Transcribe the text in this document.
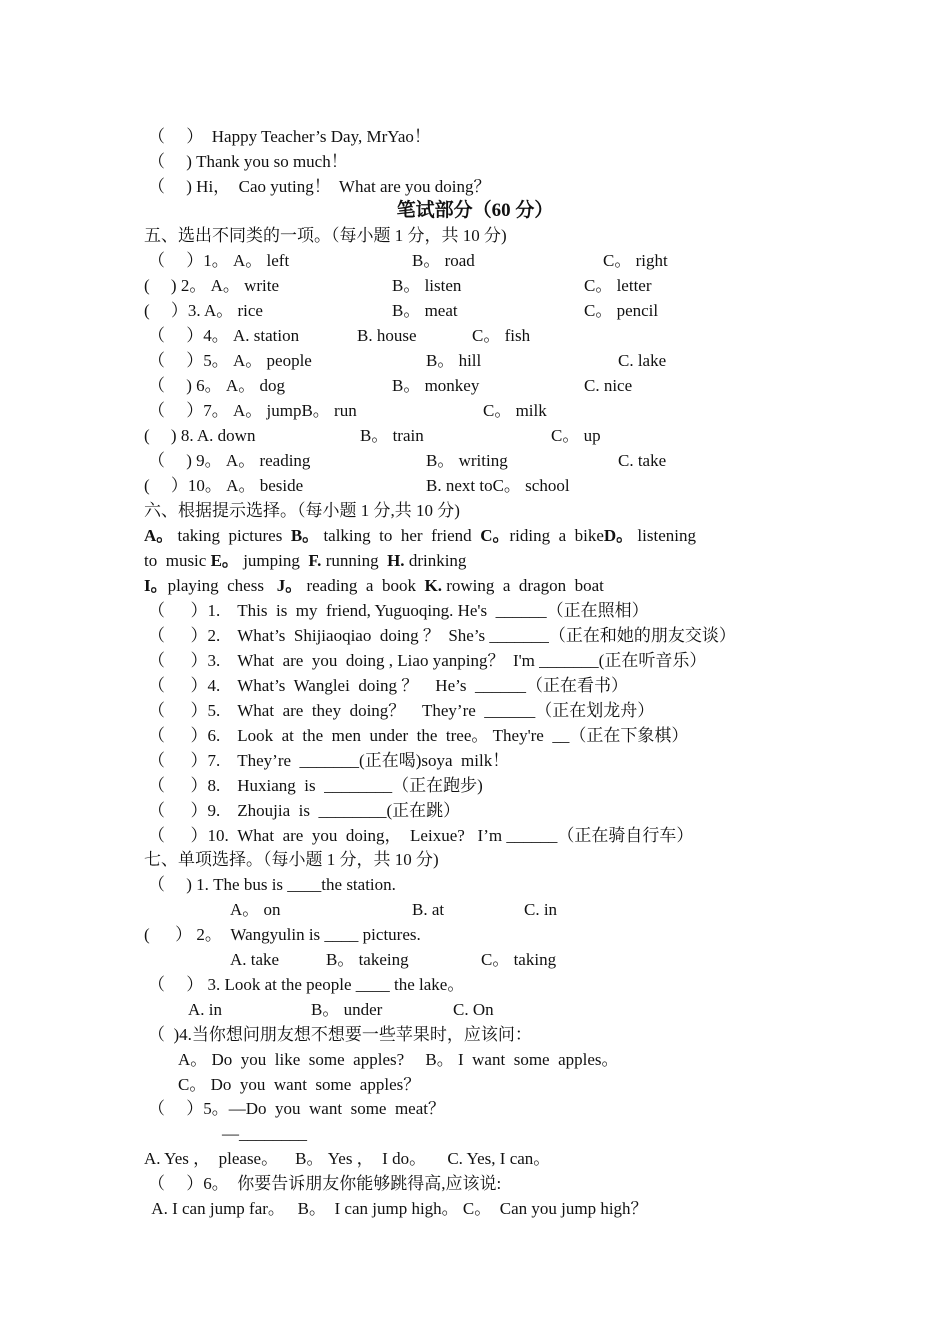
（     ）  Happy Teacher’s Day, MrYao！
（     ) Thank you so much！
（     ) Hi，  Cao yuting！  What are you doing？
笔试部分（60 分）
五、选出不同类的一项。（每小题 1 分，共 10 分)
（     ）1。 A。 left	B。 road	C。 right
(     ) 2。 A。 write	B。 listen	C。 letter
(     ）3. A。 rice	B。 meat	C。 pencil
（     ）4。 A. station	B. house	C。 fish
（     ）5。 A。 people	B。 hill	C. lake
（     ) 6。 A。 dog	B。 monkey	C. nice
（     ）7。 A。 jumpB。 run	C。 milk
(     ) 8. A. down	B。 train	C。 up
（     ) 9。 A。 reading	B。 writing	C. take
(     ）10。 A。 beside	B. next toC。 school
六、根据提示选择。（每小题 1 分,共 10 分)
A。 taking  pictures  B。 talking  to  her  friend  C。riding  a  bikeD。 listening
to  music E。 jumping  F. running  H. drinking
I。playing  chess   J。 reading  a  book  K. rowing  a  dragon  boat
（      ）1.    This  is  my  friend, Yuguoqing. He's  ______（正在照相）
（      ）2.    What’s  Shijiaoqiao  doing ？  She’s _______（正在和她的朋友交谈）
（      ）3.    What  are  you  doing , Liao yanping？  I'm _______(正在听音乐）
（      ）4.    What’s  Wanglei  doing ？    He’s  ______（正在看书）
（      ）5.    What  are  they  doing？    They’re  ______（正在划龙舟）
（      ）6.    Look  at  the  men  under  the  tree。 They're  __（正在下象棋）
（      ）7.    They’re  _______(正在喝)soya  milk！
（      ）8.    Huxiang  is  ________（正在跑步)
（      ）9.    Zhoujia  is  ________(正在跳）
（      ）10.  What  are  you  doing，  Leixue?   I’m ______（正在骑自行车）
七、单项选择。（每小题 1 分，共 10 分)
（     ) 1. The bus is ____the station.
A。 on	B. at	C. in
(      ） 2。  Wangyulin is ____ pictures.
A. take	B。 takeing	C。 taking
（     ） 3. Look at the people ____ the lake。
A. in	B。 under	C. On
（  )4.当你想问朋友想不想要一些苹果时，应该问：
A。 Do  you  like  some  apples?     B。 I  want  some  apples。
C。 Do  you  want  some  apples？
（     ）5。—Do  you  want  some  meat？
—________
A. Yes ，  please。    B。 Yes ，  I do。     C. Yes, I can。
（     ）6。  你要告诉朋友你能够跳得高,应该说:
A. I can jump far。   B。  I can jump high。 C。  Can you jump high？
